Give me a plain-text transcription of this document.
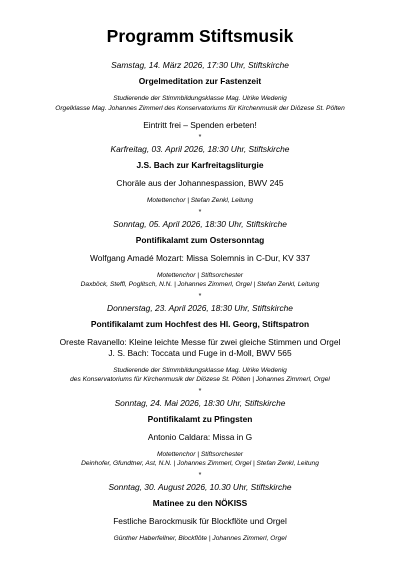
Programm Stiftsmusik
Samstag, 14. März 2026, 17:30 Uhr, Stiftskirche
Orgelmeditation zur Fastenzeit
Studierende der Stimmbildungsklasse Mag. Ulrike Wedenig
Orgelklasse Mag. Johannes Zimmerl des Konservatoriums für Kirchenmusik der Diözese St. Pölten
Eintritt frei – Spenden erbeten!
*
Karfreitag, 03. April 2026, 18:30 Uhr, Stiftskirche
J.S. Bach zur Karfreitagsliturgie
Choräle aus der Johannespassion, BWV 245
Motettenchor | Stefan Zenkl, Leitung
*
Sonntag, 05. April 2026, 18:30 Uhr, Stiftskirche
Pontifikalamt zum Ostersonntag
Wolfgang Amadé Mozart: Missa Solemnis in C-Dur, KV 337
Motettenchor | Stiftsorchester
Daxböck, Steffl, Poglitsch, N.N. | Johannes Zimmerl, Orgel | Stefan Zenkl, Leitung
*
Donnerstag, 23. April 2026, 18:30 Uhr, Stiftskirche
Pontifikalamt zum Hochfest des Hl. Georg, Stiftspatron
Oreste Ravanello: Kleine leichte Messe für zwei gleiche Stimmen und Orgel
J. S. Bach: Toccata und Fuge in d-Moll, BWV 565
Studierende der Stimmbildungsklasse Mag. Ulrike Wedenig
des Konservatoriums für Kirchenmusik der Diözese St. Pölten | Johannes Zimmerl, Orgel
*
Sonntag, 24. Mai 2026, 18:30 Uhr, Stiftskirche
Pontifikalamt zu Pfingsten
Antonio Caldara: Missa in G
Motettenchor | Stiftsorchester
Deinhofer, Gfundtner, Ast, N.N. | Johannes Zimmerl, Orgel | Stefan Zenkl, Leitung
*
Sonntag, 30. August 2026, 10.30 Uhr, Stiftskirche
Matinee zu den NÖKISS
Festliche Barockmusik für Blockflöte und Orgel
Günther Haberfellner, Blockflöte | Johannes Zimmerl, Orgel
